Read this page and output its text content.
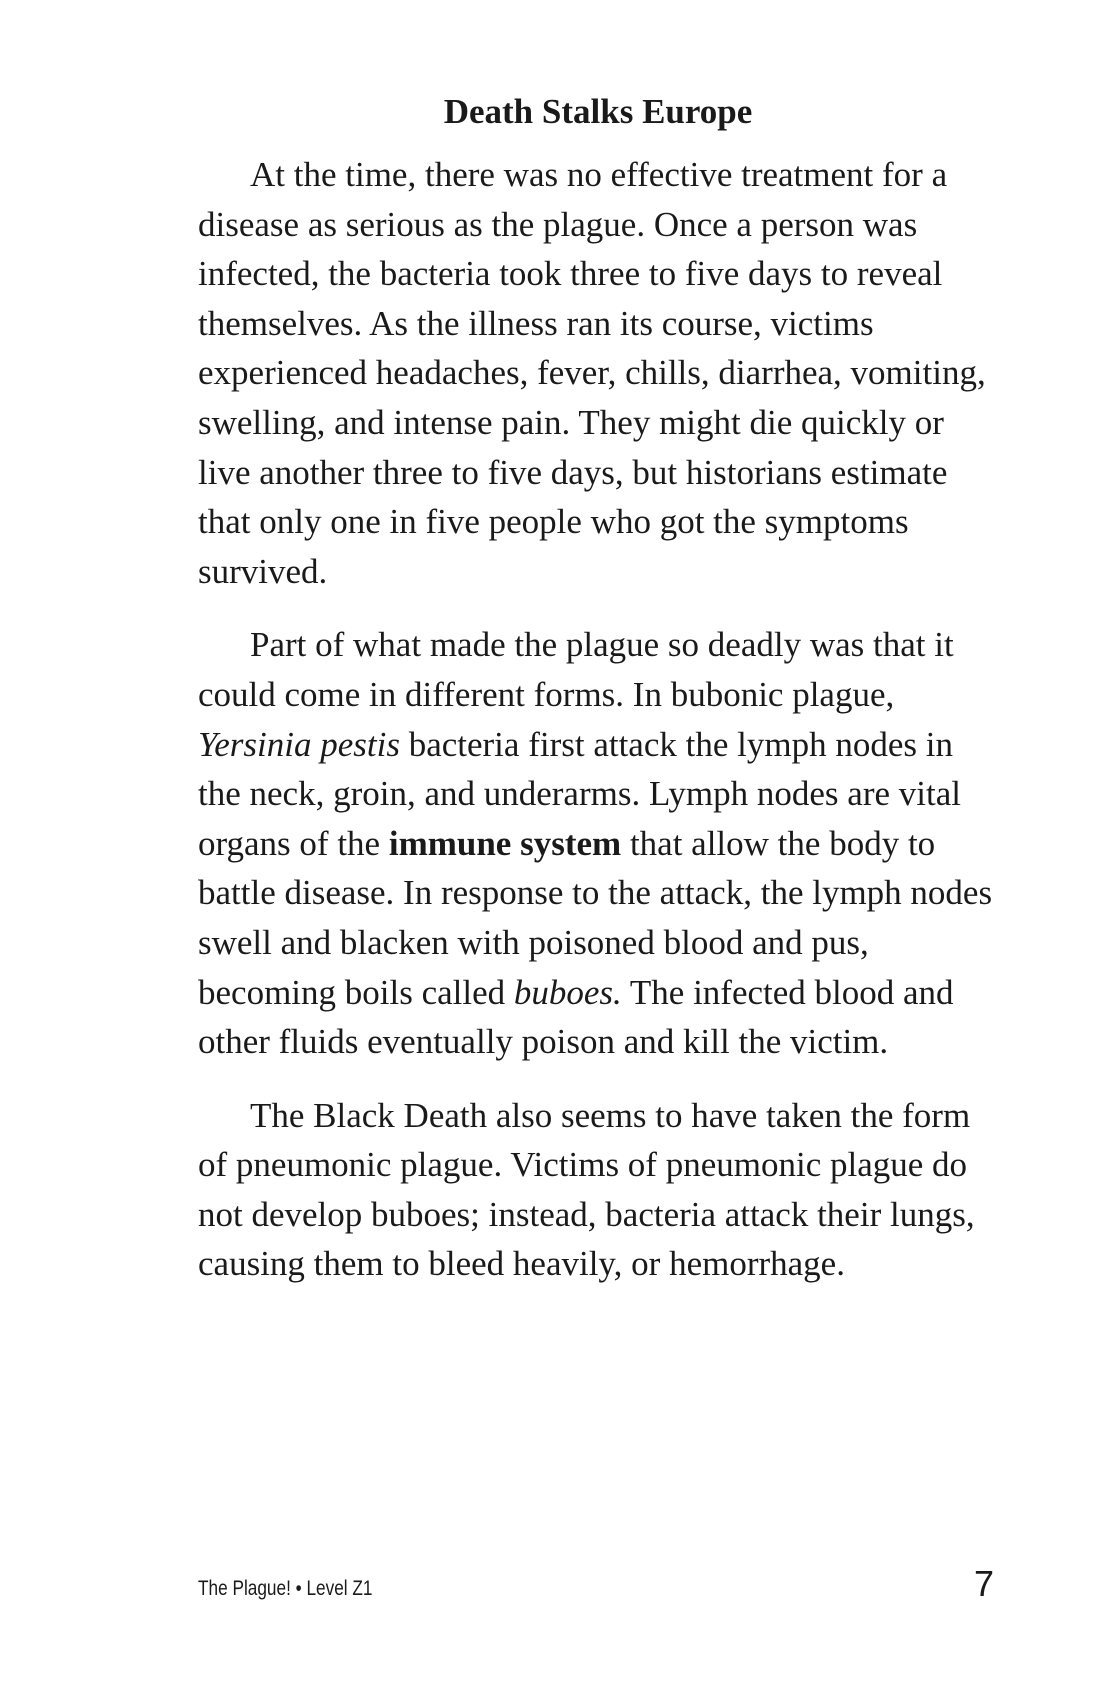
Death Stalks Europe

At the time, there was no effective treatment for a disease as serious as the plague. Once a person was infected, the bacteria took three to five days to reveal themselves. As the illness ran its course, victims experienced headaches, fever, chills, diarrhea, vomiting, swelling, and intense pain. They might die quickly or live another three to five days, but historians estimate that only one in five people who got the symptoms survived.

Part of what made the plague so deadly was that it could come in different forms. In bubonic plague, Yersinia pestis bacteria first attack the lymph nodes in the neck, groin, and underarms. Lymph nodes are vital organs of the immune system that allow the body to battle disease. In response to the attack, the lymph nodes swell and blacken with poisoned blood and pus, becoming boils called buboes. The infected blood and other fluids eventually poison and kill the victim.

The Black Death also seems to have taken the form of pneumonic plague. Victims of pneumonic plague do not develop buboes; instead, bacteria attack their lungs, causing them to bleed heavily, or hemorrhage.

The Plague! • Level Z1	7
